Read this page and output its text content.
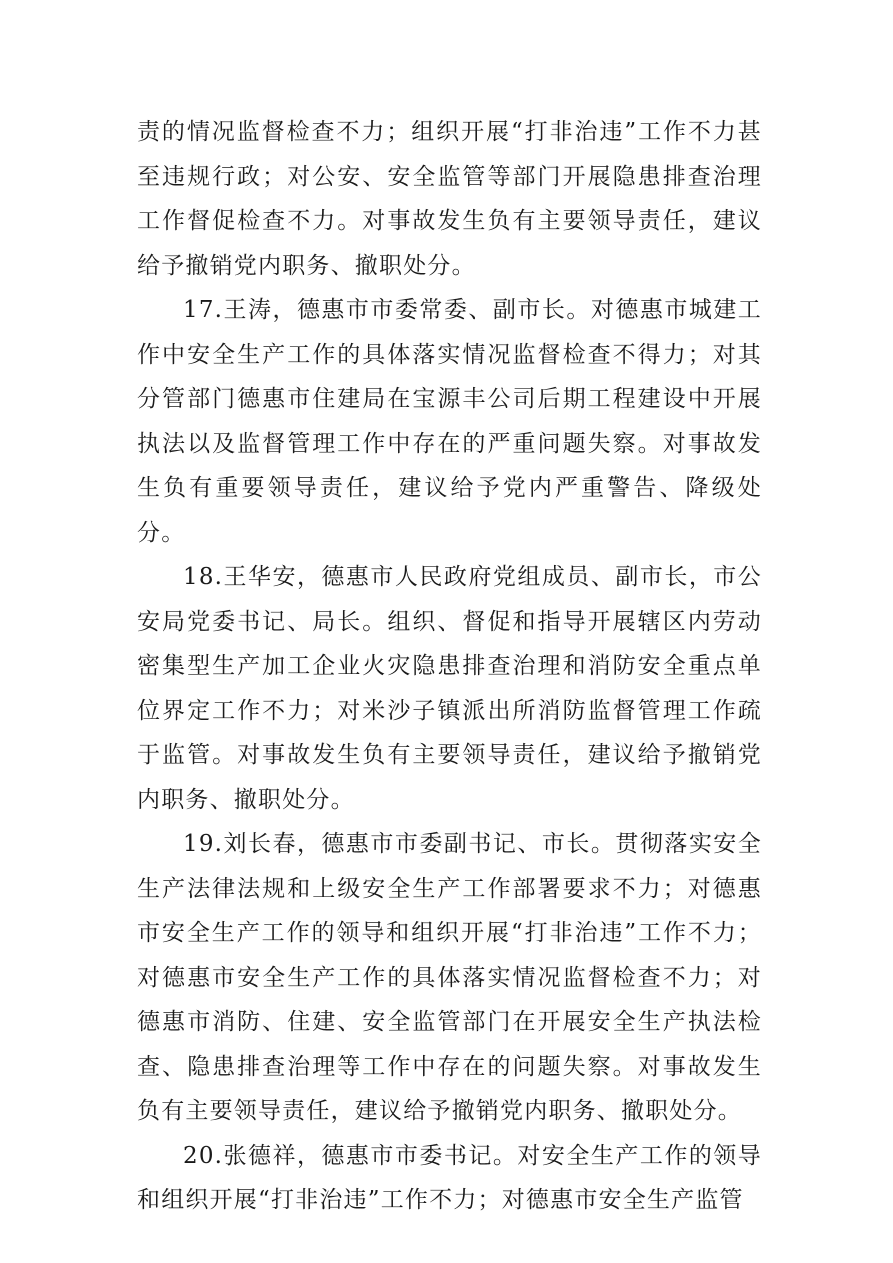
责的情况监督检查不力；组织开展“打非治违”工作不力甚至违规行政；对公安、安全监管等部门开展隐患排查治理工作督促检查不力。对事故发生负有主要领导责任，建议给予撤销党内职务、撤职处分。

17.王涛，德惠市市委常委、副市长。对德惠市城建工作中安全生产工作的具体落实情况监督检查不得力；对其分管部门德惠市住建局在宝源丰公司后期工程建设中开展执法以及监督管理工作中存在的严重问题失察。对事故发生负有重要领导责任，建议给予党内严重警告、降级处分。

18.王华安，德惠市人民政府党组成员、副市长，市公安局党委书记、局长。组织、督促和指导开展辖区内劳动密集型生产加工企业火灾隐患排查治理和消防安全重点单位界定工作不力；对米沙子镇派出所消防监督管理工作疏于监管。对事故发生负有主要领导责任，建议给予撤销党内职务、撤职处分。

19.刘长春，德惠市市委副书记、市长。贯彻落实安全生产法律法规和上级安全生产工作部署要求不力；对德惠市安全生产工作的领导和组织开展“打非治违”工作不力；对德惠市安全生产工作的具体落实情况监督检查不力；对德惠市消防、住建、安全监管部门在开展安全生产执法检查、隐患排查治理等工作中存在的问题失察。对事故发生负有主要领导责任，建议给予撤销党内职务、撤职处分。

20.张德祥，德惠市市委书记。对安全生产工作的领导和组织开展“打非治违”工作不力；对德惠市安全生产监管
